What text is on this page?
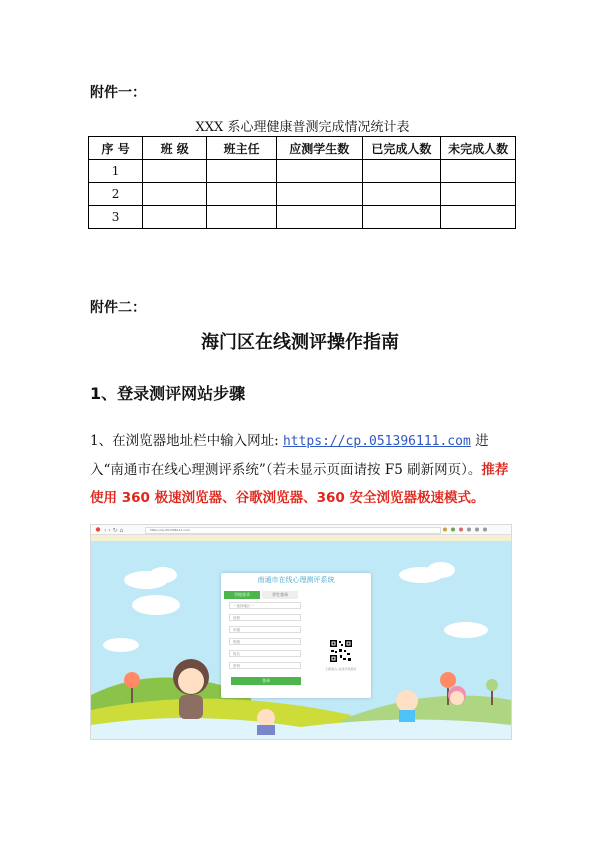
附件一：
XXX 系心理健康普测完成情况统计表
序 号	班 级	班主任	应测学生数	已完成人数	未完成人数
1					
2					
3					
附件二：
海门区在线测评操作指南
1、登录测评网站步骤
1、在浏览器地址栏中输入网址: https://cp.051396111.com 进入“南通市在线心理测评系统”（若未显示页面请按 F5 刷新网页）。推荐使用 360 极速浏览器、谷歌浏览器、360 安全浏览器极速模式。
‹ › ↻ ⌂	https://cp.051396111.com
南通市在线心理测评系统
学校登录	学生登录
一选择地区一
选校
年级
班级
姓名
密码
登录
扫码进入·在线手机测评
